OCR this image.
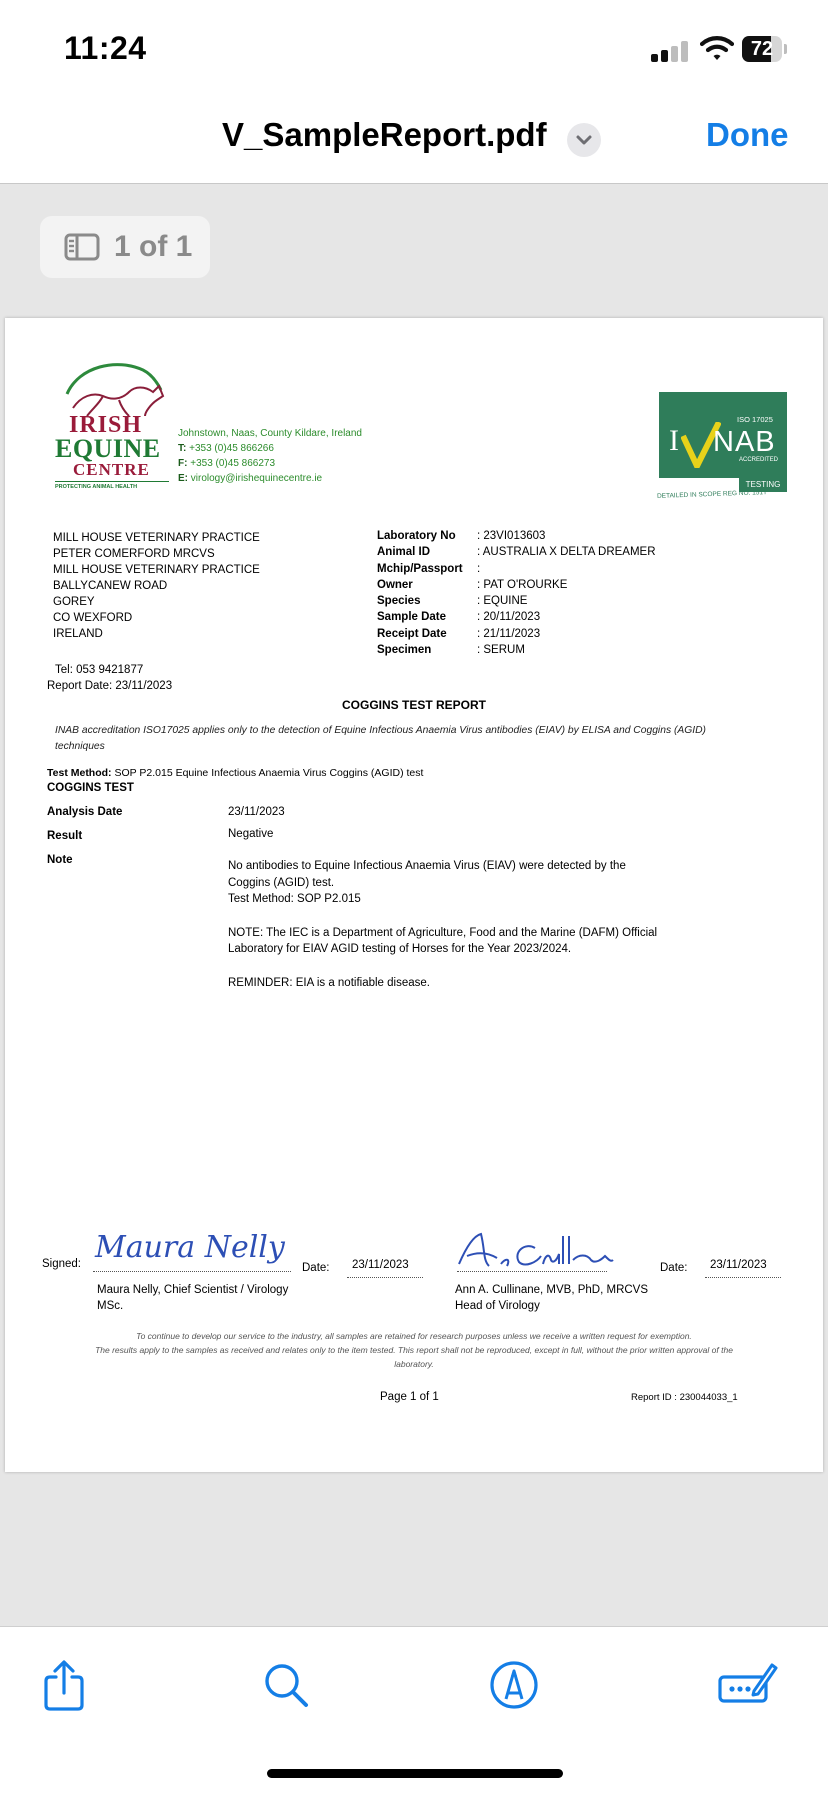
11:24	72
V_SampleReport.pdf	Done
1 of 1
IRISH
EQUINE
CENTRE
PROTECTING ANIMAL HEALTH
Johnstown, Naas, County Kildare, Ireland
T: +353 (0)45 866266
F: +353 (0)45 866273
E: virology@irishequinecentre.ie
ISO 17025
I NAB
ACCREDITED
TESTING
DETAILED IN SCOPE REG NO. 151T
MILL HOUSE VETERINARY PRACTICE
PETER COMERFORD MRCVS
MILL HOUSE VETERINARY PRACTICE
BALLYCANEW ROAD
GOREY
CO WEXFORD
IRELAND
Laboratory No : 23VI013603
Animal ID	: AUSTRALIA X DELTA DREAMER
Mchip/Passport :
Owner	: PAT O'ROURKE
Species	: EQUINE
Sample Date	: 20/11/2023
Receipt Date	: 21/11/2023
Specimen	: SERUM
Tel: 053 9421877
Report Date: 23/11/2023
COGGINS TEST REPORT
INAB accreditation ISO17025 applies only to the detection of Equine Infectious Anaemia Virus antibodies (EIAV) by ELISA and Coggins (AGID) techniques
Test Method: SOP P2.015 Equine Infectious Anaemia Virus Coggins (AGID) test
COGGINS TEST
Analysis Date	23/11/2023
Result	Negative
Note	No antibodies to Equine Infectious Anaemia Virus (EIAV) were detected by the Coggins (AGID) test.
Test Method: SOP P2.015

NOTE: The IEC is a Department of Agriculture, Food and the Marine (DAFM) Official Laboratory for EIAV AGID testing of Horses for the Year 2023/2024.

REMINDER: EIA is a notifiable disease.

Signed: Maura Nelly
Date: 23/11/2023
Maura Nelly, Chief Scientist / Virology
MSc.
Date: 23/11/2023
Ann A. Cullinane, MVB, PhD, MRCVS
Head of Virology
To continue to develop our service to the industry, all samples are retained for research purposes unless we receive a written request for exemption.
The results apply to the samples as received and relates only to the item tested. This report shall not be reproduced, except in full, without the prior written approval of the laboratory.
Page 1 of 1	Report ID : 230044033_1
